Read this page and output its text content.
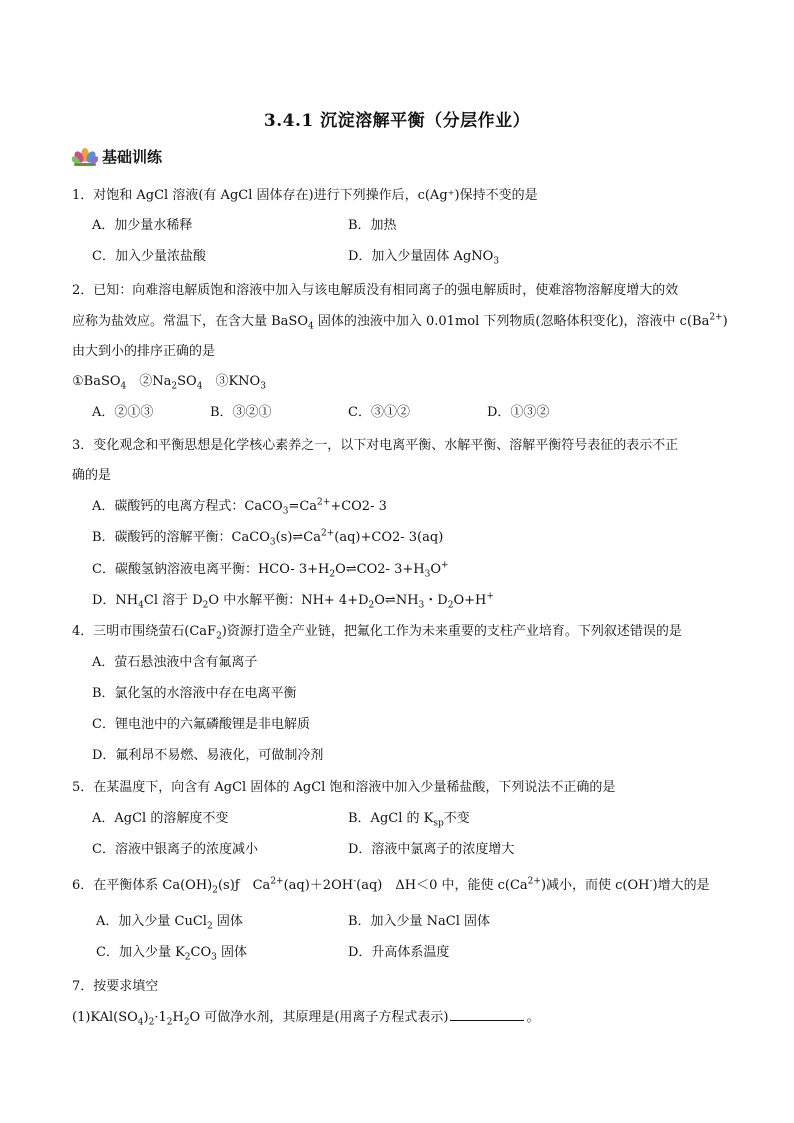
3.4.1 沉淀溶解平衡（分层作业）
基础训练
1．对饱和 AgCl 溶液(有 AgCl 固体存在)进行下列操作后，c(Ag⁺)保持不变的是
A．加少量水稀释	B．加热
C．加入少量浓盐酸	D．加入少量固体 AgNO$_3$
2．已知：向难溶电解质饱和溶液中加入与该电解质没有相同离子的强电解质时，使难溶物溶解度增大的效
应称为盐效应。常温下，在含大量 BaSO$_4$ 固体的浊液中加入 0.01mol 下列物质(忽略体积变化)，溶液中 $c(Ba^{2+})$
由大到小的排序正确的是
①BaSO$_4$　$②Na_2SO_4$　$③KNO_3$
A．②①③	B．③②①	C．③①②	D．①③②
3．变化观念和平衡思想是化学核心素养之一，以下对电离平衡、水解平衡、溶解平衡符号表征的表示不正
确的是
A．碳酸钙的电离方程式：$CaCO_3=Ca^{2+}+CO2-$ 3
B．碳酸钙的溶解平衡：$CaCO_3(s)\rightleftharpoons Ca^{2+}(aq)+CO2-$ 3(aq)
C．碳酸氢钠溶液电离平衡：HCO- $3+H_2O\rightleftharpoons CO2-$ $3+H_3O^+$
D．$NH_4Cl$ 溶于 $D_2O$ 中水解平衡：$NH+ 4+D_2O\rightleftharpoons NH_3$・$D_2O+H^+$
4．三明市围绕萤石(CaF$_2$)资源打造全产业链，把氟化工作为未来重要的支柱产业培育。下列叙述错误的是
A．萤石悬浊液中含有氟离子
B．氯化氢的水溶液中存在电离平衡
C．锂电池中的六氟磷酸锂是非电解质
D．氟利昂不易燃、易液化，可做制冷剂
5．在某温度下，向含有 AgCl 固体的 AgCl 饱和溶液中加入少量稀盐酸，下列说法不正确的是
A．AgCl 的溶解度不变	B．AgCl 的 $K_{sp}$不变
C．溶液中银离子的浓度减小	D．溶液中氯离子的浓度增大
6．在平衡体系 $Ca(OH)_2(s)ƒ$　$Ca^{2+}(aq)+2OH^-(aq)$　ΔH＜0 中，能使 $c(Ca^{2+})$减小，而使 c(OH-)增大的是
A．加入少量 CuCl$_2$ 固体	B．加入少量 NaCl 固体
C．加入少量 $K_2CO_3$ 固体	D．升高体系温度
7．按要求填空
$(1)KAl(SO_4)_2\cdot 1_2H_2O$ 可做净水剂，其原理是(用离子方程式表示)	。
